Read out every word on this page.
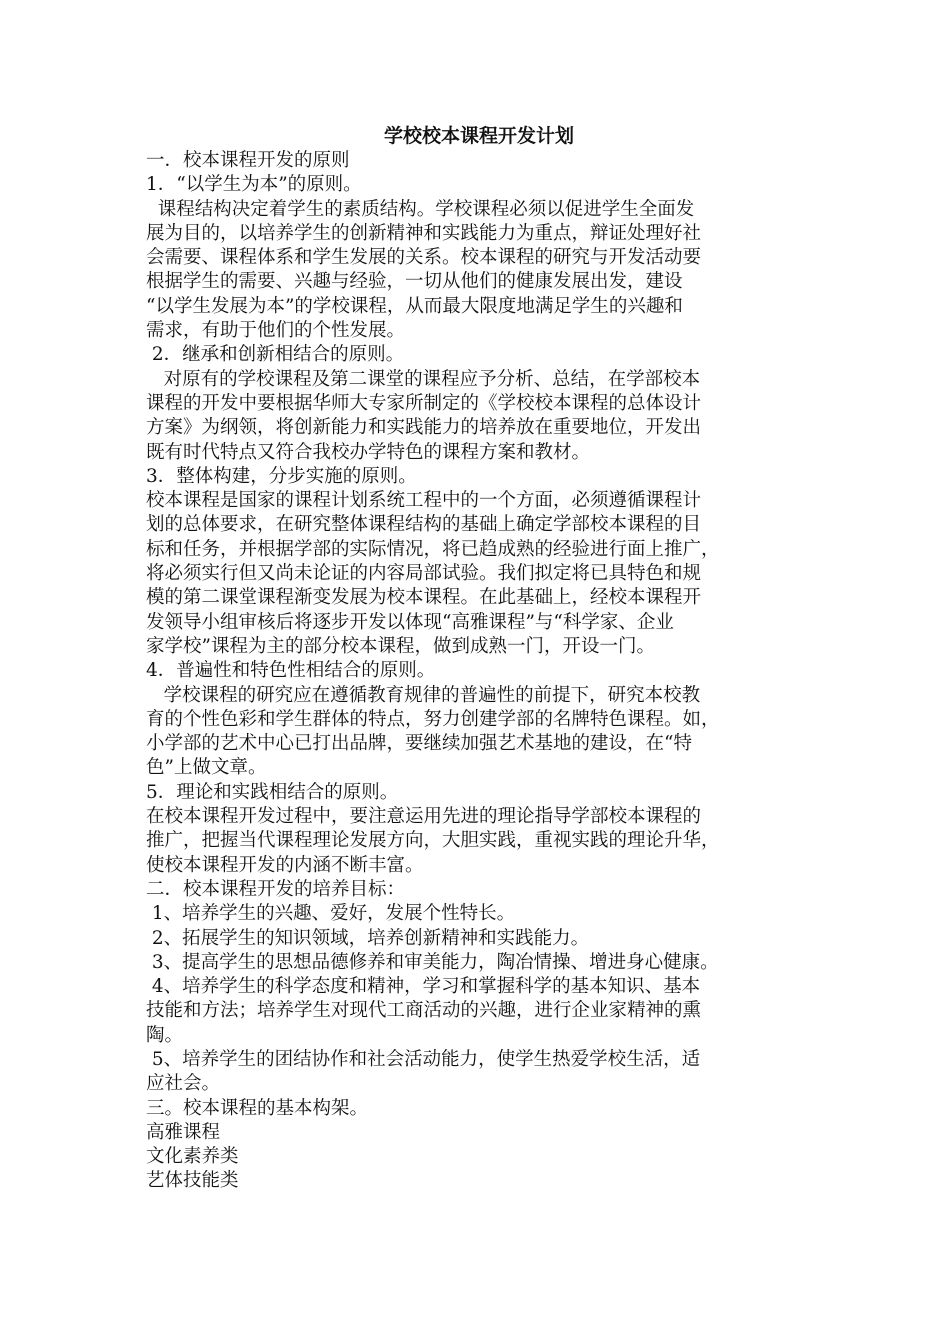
学校校本课程开发计划
一．校本课程开发的原则
1．“以学生为本”的原则。
课程结构决定着学生的素质结构。学校课程必须以促进学生全面发
展为目的，以培养学生的创新精神和实践能力为重点，辩证处理好社
会需要、课程体系和学生发展的关系。校本课程的研究与开发活动要
根据学生的需要、兴趣与经验，一切从他们的健康发展出发，建设
“以学生发展为本”的学校课程，从而最大限度地满足学生的兴趣和
需求，有助于他们的个性发展。
2．继承和创新相结合的原则。
对原有的学校课程及第二课堂的课程应予分析、总结，在学部校本
课程的开发中要根据华师大专家所制定的《学校校本课程的总体设计
方案》为纲领，将创新能力和实践能力的培养放在重要地位，开发出
既有时代特点又符合我校办学特色的课程方案和教材。
3．整体构建，分步实施的原则。
校本课程是国家的课程计划系统工程中的一个方面，必须遵循课程计
划的总体要求，在研究整体课程结构的基础上确定学部校本课程的目
标和任务，并根据学部的实际情况，将已趋成熟的经验进行面上推广，
将必须实行但又尚未论证的内容局部试验。我们拟定将已具特色和规
模的第二课堂课程渐变发展为校本课程。在此基础上，经校本课程开
发领导小组审核后将逐步开发以体现“高雅课程”与“科学家、企业
家学校”课程为主的部分校本课程，做到成熟一门，开设一门。
4．普遍性和特色性相结合的原则。
学校课程的研究应在遵循教育规律的普遍性的前提下，研究本校教
育的个性色彩和学生群体的特点，努力创建学部的名牌特色课程。如，
小学部的艺术中心已打出品牌，要继续加强艺术基地的建设，在“特
色”上做文章。
5．理论和实践相结合的原则。
在校本课程开发过程中，要注意运用先进的理论指导学部校本课程的
推广，把握当代课程理论发展方向，大胆实践，重视实践的理论升华，
使校本课程开发的内涵不断丰富。
二．校本课程开发的培养目标：
1、培养学生的兴趣、爱好，发展个性特长。
2、拓展学生的知识领域，培养创新精神和实践能力。
3、提高学生的思想品德修养和审美能力，陶冶情操、增进身心健康。
4、培养学生的科学态度和精神，学习和掌握科学的基本知识、基本
技能和方法；培养学生对现代工商活动的兴趣，进行企业家精神的熏
陶。
5、培养学生的团结协作和社会活动能力，使学生热爱学校生活，适
应社会。
三。校本课程的基本构架。
高雅课程
文化素养类
艺体技能类
